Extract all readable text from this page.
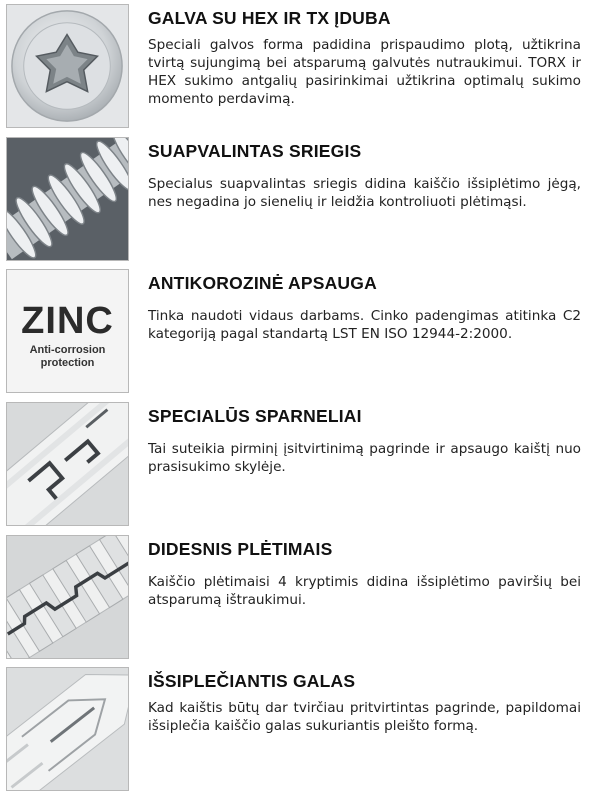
GALVA SU HEX IR TX ĮDUBA
Speciali galvos forma padidina prispaudimo plotą, užtikrina tvirtą sujungimą bei atsparumą galvutės nutraukimui. TORX ir HEX sukimo antgalių pasirinkimai užtikrina optimalų sukimo momento perdavimą.
SUAPVALINTAS SRIEGIS
Specialus suapvalintas sriegis didina kaiščio išsiplėtimo jėgą, nes negadina jo sienelių ir leidžia kontroliuoti plėtimąsi.
ZINC
Anti-corrosion
protection
ANTIKOROZINĖ APSAUGA
Tinka naudoti vidaus darbams. Cinko padengimas atitinka C2 kategoriją pagal standartą LST EN ISO 12944-2:2000.
SPECIALŪS SPARNELIAI
Tai suteikia pirminį įsitvirtinimą pagrinde ir apsaugo kaištį nuo prasisukimo skylėje.
DIDESNIS PLĖTIMAIS
Kaiščio plėtimaisi 4 kryptimis didina išsiplėtimo paviršių bei atsparumą ištraukimui.
IŠSIPLEČIANTIS GALAS
Kad kaištis būtų dar tvirčiau pritvirtintas pagrinde, papildomai išsiplečia kaiščio galas sukuriantis pleišto formą.
